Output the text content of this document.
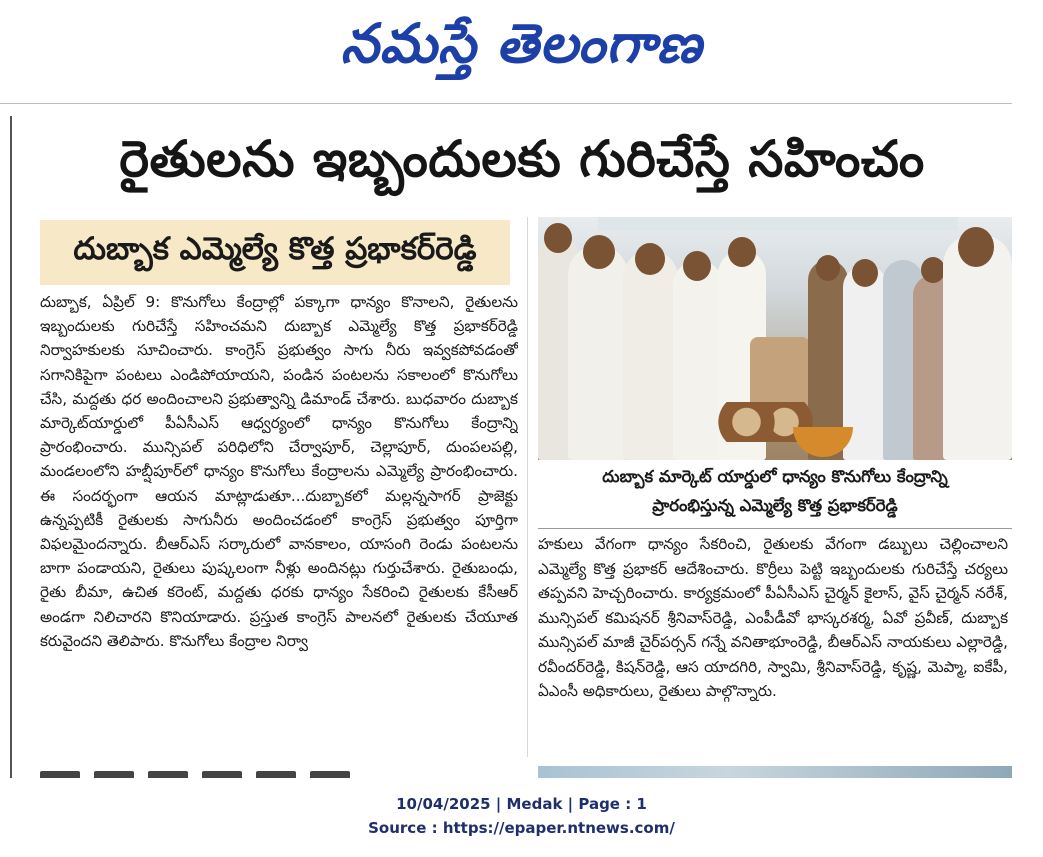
నమస్తే తెలంగాణ
రైతులను ఇబ్బందులకు గురిచేస్తే సహించం
దుబ్బాక ఎమ్మెల్యే కొత్త ప్రభాకర్‌రెడ్డి
దుబ్బాక, ఏప్రిల్ 9: కొనుగోలు కేంద్రాల్లో పక్కాగా ధాన్యం కొనాలని, రైతులను ఇబ్బందులకు గురిచేస్తే సహించమని దుబ్బాక ఎమ్మెల్యే కొత్త ప్రభాకర్‌రెడ్డి నిర్వాహకులకు సూచించారు. కాంగ్రెస్ ప్రభుత్వం సాగు నీరు ఇవ్వకపోవడంతో సగానికిపైగా పంటలు ఎండిపోయాయని, పండిన పంటలను సకాలంలో కొనుగోలు చేసి, మద్దతు ధర అందించాలని ప్రభుత్వాన్ని డిమాండ్ చేశారు. బుధవారం దుబ్బాక మార్కెట్‌యార్డులో పీఏసీఎస్ ఆధ్వర్యంలో ధాన్యం కొనుగోలు కేంద్రాన్ని ప్రారంభించారు. మున్సిపల్ పరిధిలోని చేర్వాపూర్, చెల్లాపూర్, దుంపలపల్లి, మండలంలోని హబ్షీపూర్‌లో ధాన్యం కొనుగోలు కేంద్రాలను ఎమ్మెల్యే ప్రారంభించారు. ఈ సందర్భంగా ఆయన మాట్లాడుతూ...దుబ్బాకలో మల్లన్నసాగర్ ప్రాజెక్టు ఉన్నప్పటికీ రైతులకు సాగునీరు అందించడంలో కాంగ్రెస్ ప్రభుత్వం పూర్తిగా విఫలమైందన్నారు. బీఆర్‌ఎస్ సర్కారులో వానకాలం, యాసంగి రెండు పంటలను బాగా పండాయని, రైతులు పుష్కలంగా నీళ్లు అందినట్లు గుర్తుచేశారు. రైతుబంధు, రైతు బీమా, ఉచిత కరెంట్, మద్దతు ధరకు ధాన్యం సేకరించి రైతులకు కేసీఆర్ అండగా నిలిచారని కొనియాడారు. ప్రస్తుత కాంగ్రెస్ పాలనలో రైతులకు చేయూత కరువైందని తెలిపారు. కొనుగోలు కేంద్రాల నిర్వా
దుబ్బాక మార్కెట్ యార్డులో ధాన్యం కొనుగోలు కేంద్రాన్ని
ప్రారంభిస్తున్న ఎమ్మెల్యే కొత్త ప్రభాకర్‌రెడ్డి
హకులు వేగంగా ధాన్యం సేకరించి, రైతులకు వేగంగా డబ్బులు చెల్లించాలని ఎమ్మెల్యే కొత్త ప్రభాకర్ ఆదేశించారు. కొర్రీలు పెట్టి ఇబ్బందులకు గురిచేస్తే చర్యలు తప్పవని హెచ్చరించారు. కార్యక్రమంలో పీఏసీఎస్ చైర్మన్ కైలాస్, వైస్ చైర్మన్ నరేశ్, మున్సిపల్ కమిషనర్ శ్రీనివాస్‌రెడ్డి, ఎంపీడీవో భాస్కరశర్మ, ఏవో ప్రవీణ్, దుబ్బాక మున్సిపల్ మాజీ చైర్‌పర్సన్ గన్నే వనితాభూంరెడ్డి, బీఆర్‌ఎస్ నాయకులు ఎల్లారెడ్డి, రవీందర్‌రెడ్డి, కిషన్‌రెడ్డి, ఆస యాదగిరి, స్వామి, శ్రీనివాస్‌రెడ్డి, కృష్ణ, మెప్మా, ఐకేపీ, ఏఎంసీ అధికారులు, రైతులు పాల్గొన్నారు.
10/04/2025 | Medak | Page : 1
Source : https://epaper.ntnews.com/
